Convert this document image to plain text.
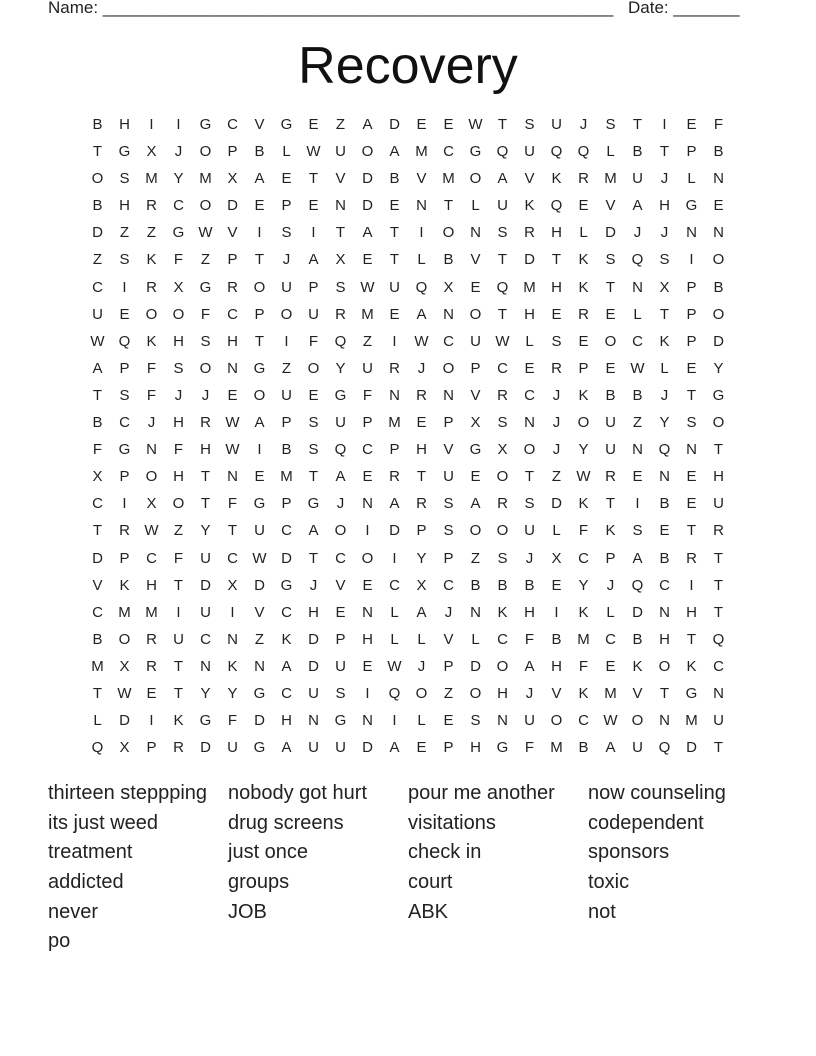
Name: ______________________________________________________ Date: _______
Recovery
B	H	I	I	G	C	V	G	E	Z	A	D	E	E W	T	S	U	J	S	T	I	E	F
T	G	X	J	O	P	B	L	W U	O	A	M	C	G	Q	U	Q	Q	L	B	T	P	B
O	S	M	Y	M	X	A	E	T	V	D	B	V	M O	A	V	K	R	M	U	J	L	N
B	H	R	C	O	D	E	P	E	N	D	E	N	T	L	U	K	Q	E	V	A	H	G	E
D	Z	Z	G W V	I	S	I	T	A	T	I	O	N	S	R	H	L	D	J	J	N	N
Z	S	K	F	Z	P	T	J	A	X	E	T	L	B	V	T	D	T	K	S	Q	S	I	O
C	I	R	X	G	R	O	U	P	S W U	Q	X	E	Q M	H	K	T	N	X	P	B
U	E	O	O	F	C	P	O	U	R	M	E	A	N	O	T	H	E	R	E	L	T	P	O
W Q	K	H	S	H	T	I	F	Q	Z	I	W C	U W	L	S	E	O	C	K	P	D
A	P	F	S	O	N	G	Z	O	Y	U	R	J	O	P	C	E	R	P	E W	L	E	Y
T	S	F	J	J	E	O	U	E	G	F	N	R	N	V	R	C	J	K	B	B	J	T	G
B	C	J	H	R W A	P	S	U	P	M	E	P	X	S	N	J	O	U	Z	Y	S	O
F	G	N	F	H W	I	B	S	Q	C	P	H	V	G	X	O	J	Y	U	N	Q	N	T
X	P	O	H	T	N	E	M	T	A	E	R	T	U	E	O	T	Z	W R	E	N	E	H
C	I	X	O	T	F	G	P	G	J	N	A	R	S	A	R	S	D	K	T	I	B	E	U
T	R W	Z	Y	T	U	C	A	O	I	D	P	S	O	O	U	L	F	K	S	E	T	R
D	P	C	F	U	C W D	T	C	O	I	Y	P	Z	S	J	X	C	P	A	B	R	T
V	K	H	T	D	X	D	G	J	V	E	C	X	C	B	B	B	E	Y	J	Q	C	I	T
C	M M	I	U	I	V	C	H	E	N	L	A	J	N	K	H	I	K	L	D	N	H	T
B	O	R	U	C	N	Z	K	D	P	H	L	L	V	L	C	F	B	M	C	B	H	T	Q
M	X	R	T	N	K	N	A	D	U	E W	J	P	D	O	A	H	F	E	K	O	K	C
T	W E	T	Y	Y	G	C	U	S	I	Q	O	Z	O	H	J	V	K	M	V	T	G	N
L	D	I	K	G	F	D	H	N	G	N	I	L	E	S	N	U	O	C W O	N	M	U
Q	X	P	R	D	U	G	A	U	U	D	A	E	P	H	G	F	M	B	A	U	Q	D	T
thirteen steppping	nobody got hurt	pour me another	now counseling
its just weed	drug screens	visitations	codependent
treatment	just once	check in	sponsors
addicted	groups	court	toxic
never	JOB	ABK	not
po
